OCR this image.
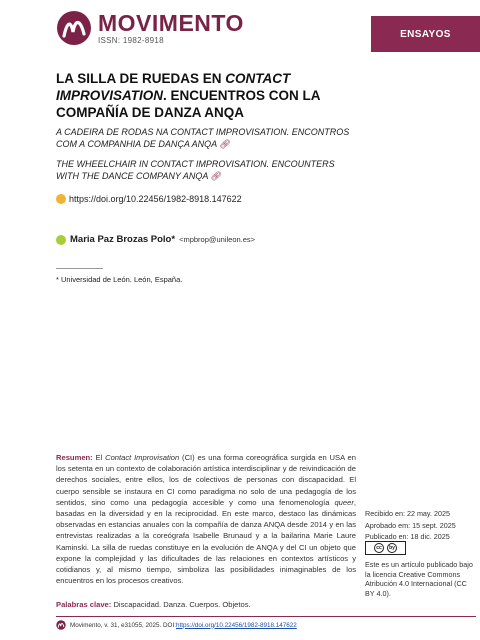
MOVIMENTO
ISSN: 1982-8918
ENSAYOS
LA SILLA DE RUEDAS EN CONTACT IMPROVISATION. ENCUENTROS CON LA COMPAÑÍA DE DANZA ANQA
A CADEIRA DE RODAS NA CONTACT IMPROVISATION. ENCONTROS COM A COMPANHIA DE DANÇA ANQA 🔗︎
THE WHEELCHAIR IN CONTACT IMPROVISATION. ENCOUNTERS WITH THE DANCE COMPANY ANQA 🔗︎
https://doi.org/10.22456/1982-8918.147622
Maria Paz Brozas Polo* <mpbrop@unileon.es>
* Universidad de León. León, España.
Resumen: El Contact Improvisation (CI) es una forma coreográfica surgida en USA en los setenta en un contexto de colaboración artística interdisciplinar y de reivindicación de derechos sociales, entre ellos, los de colectivos de personas con discapacidad. El cuerpo sensible se instaura en CI como paradigma no solo de una pedagogía de los sentidos, sino como una pedagogía accesible y como una fenomenología queer, basadas en la diversidad y en la reciprocidad. En este marco, destaco las dinámicas observadas en estancias anuales con la compañía de danza ANQA desde 2014 y en las entrevistas realizadas a la coreógrafa Isabelle Brunaud y a la bailarina Marie Laure Kaminski. La silla de ruedas constituye en la evolución de ANQA y del CI un objeto que expone la complejidad y las dificultades de las relaciones en contextos artísticos y cotidianos y, al mismo tiempo, simboliza las posibilidades inimaginables de los encuentros en los procesos creativos.
Palabras clave: Discapacidad. Danza. Cuerpos. Objetos.
Recibido en: 22 may. 2025
Aprobado em: 15 sept. 2025
Publicado en: 18 dic. 2025
cc	by
Este es un artículo publicado bajo la licencia Creative Commons Atribución 4.0 Internacional (CC BY 4.0).
Movimento, v. 31, e31055, 2025. DOI: https://doi.org/10.22456/1982-8918.147622
